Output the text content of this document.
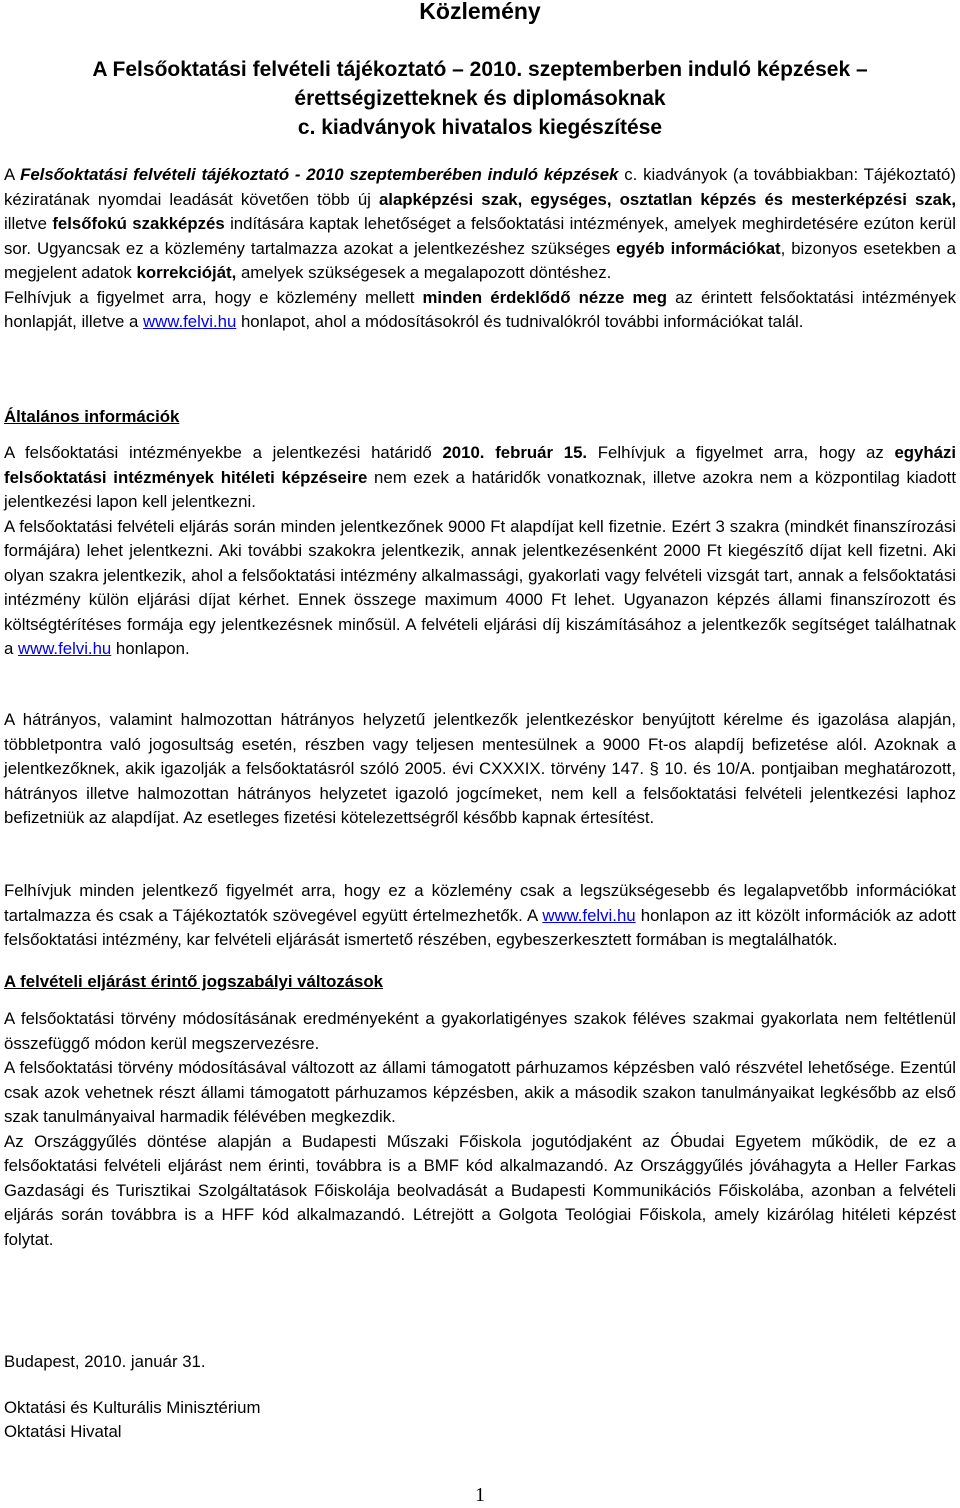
Közlemény
A Felsőoktatási felvételi tájékoztató – 2010. szeptemberben induló képzések –
érettségizetteknek és diplomásoknak
c. kiadványok hivatalos kiegészítése

A Felsőoktatási felvételi tájékoztató - 2010 szeptemberében induló képzések c. kiadványok (a továbbiakban: Tájékoztató) kéziratának nyomdai leadását követően több új alapképzési szak, egységes, osztatlan képzés és mesterképzési szak, illetve felsőfokú szakképzés indítására kaptak lehetőséget a felsőoktatási intézmények, amelyek meghirdetésére ezúton kerül sor. Ugyancsak ez a közlemény tartalmazza azokat a jelentkezéshez szükséges egyéb információkat, bizonyos esetekben a megjelent adatok korrekcióját, amelyek szükségesek a megalapozott döntéshez.

Felhívjuk a figyelmet arra, hogy e közlemény mellett minden érdeklődő nézze meg az érintett felsőoktatási intézmények honlapját, illetve a www.felvi.hu honlapot, ahol a módosításokról és tudnivalókról további információkat talál.

Általános információk

A felsőoktatási intézményekbe a jelentkezési határidő 2010. február 15. Felhívjuk a figyelmet arra, hogy az egyházi felsőoktatási intézmények hitéleti képzéseire nem ezek a határidők vonatkoznak, illetve azokra nem a központilag kiadott jelentkezési lapon kell jelentkezni.

A felsőoktatási felvételi eljárás során minden jelentkezőnek 9000 Ft alapdíjat kell fizetnie. Ezért 3 szakra (mindkét finanszírozási formájára) lehet jelentkezni. Aki további szakokra jelentkezik, annak jelentkezésenként 2000 Ft kiegészítő díjat kell fizetni. Aki olyan szakra jelentkezik, ahol a felsőoktatási intézmény alkalmassági, gyakorlati vagy felvételi vizsgát tart, annak a felsőoktatási intézmény külön eljárási díjat kérhet. Ennek összege maximum 4000 Ft lehet. Ugyanazon képzés állami finanszírozott és költségtérítéses formája egy jelentkezésnek minősül. A felvételi eljárási díj kiszámításához a jelentkezők segítséget találhatnak a www.felvi.hu honlapon.

A hátrányos, valamint halmozottan hátrányos helyzetű jelentkezők jelentkezéskor benyújtott kérelme és igazolása alapján, többletpontra való jogosultság esetén, részben vagy teljesen mentesülnek a 9000 Ft-os alapdíj befizetése alól. Azoknak a jelentkezőknek, akik igazolják a felsőoktatásról szóló 2005. évi CXXXIX. törvény 147. § 10. és 10/A. pontjaiban meghatározott, hátrányos illetve halmozottan hátrányos helyzetet igazoló jogcímeket, nem kell a felsőoktatási felvételi jelentkezési laphoz befizetniük az alapdíjat. Az esetleges fizetési kötelezettségről később kapnak értesítést.
Felhívjuk minden jelentkező figyelmét arra, hogy ez a közlemény csak a legszükségesebb és legalapvetőbb információkat tartalmazza és csak a Tájékoztatók szövegével együtt értelmezhetők. A www.felvi.hu honlapon az itt közölt információk az adott felsőoktatási intézmény, kar felvételi eljárását ismertető részében, egybeszerkesztett formában is megtalálhatók.
A felvételi eljárást érintő jogszabályi változások

A felsőoktatási törvény módosításának eredményeként a gyakorlatigényes szakok féléves szakmai gyakorlata nem feltétlenül összefüggő módon kerül megszervezésre.

A felsőoktatási törvény módosításával változott az állami támogatott párhuzamos képzésben való részvétel lehetősége. Ezentúl csak azok vehetnek részt állami támogatott párhuzamos képzésben, akik a második szakon tanulmányaikat legkésőbb az első szak tanulmányaival harmadik félévében megkezdik.

Az Országgyűlés döntése alapján a Budapesti Műszaki Főiskola jogutódjaként az Óbudai Egyetem működik, de ez a felsőoktatási felvételi eljárást nem érinti, továbbra is a BMF kód alkalmazandó. Az Országgyűlés jóváhagyta a Heller Farkas Gazdasági és Turisztikai Szolgáltatások Főiskolája beolvadását a Budapesti Kommunikációs Főiskolába, azonban a felvételi eljárás során továbbra is a HFF kód alkalmazandó. Létrejött a Golgota Teológiai Főiskola, amely kizárólag hitéleti képzést folytat.

Budapest, 2010. január 31.
Oktatási és Kulturális Minisztérium
Oktatási Hivatal
1
